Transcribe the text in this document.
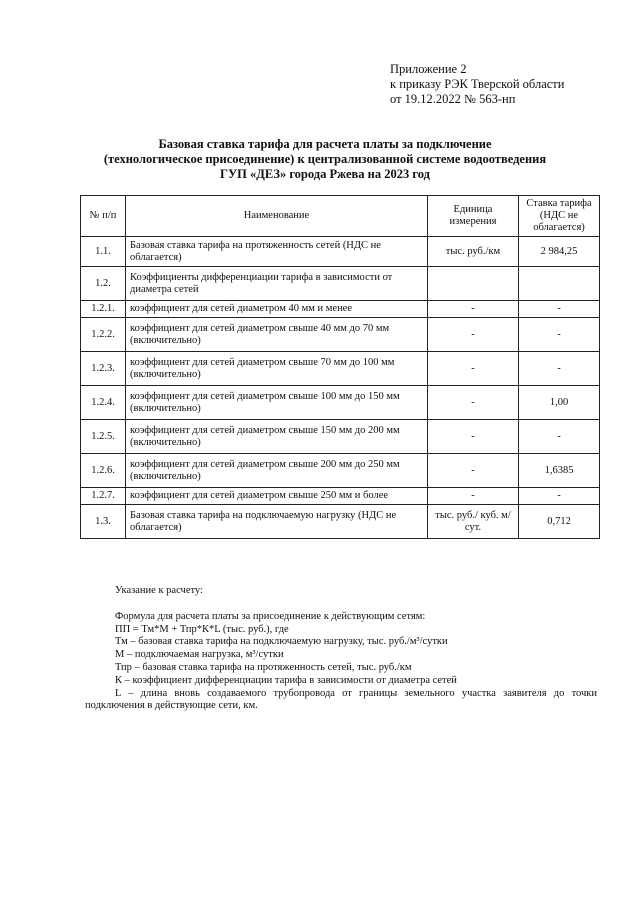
Приложение 2
к приказу РЭК Тверской области
от 19.12.2022 № 563-нп
Базовая ставка тарифа для расчета платы за подключение
(технологическое присоединение) к централизованной системе водоотведения
ГУП «ДЕЗ» города Ржева на 2023 год
№ п/п	Наименование	Единица измерения	Ставка тарифа (НДС не облагается)
1.1.	Базовая ставка тарифа на протяженность сетей (НДС не облагается)	тыс. руб./км	2 984,25
1.2.	Коэффициенты дифференциации тарифа в зависимости от диаметра сетей		
1.2.1.	коэффициент для сетей диаметром 40 мм и менее	-	-
1.2.2.	коэффициент для сетей диаметром свыше 40 мм до 70 мм (включительно)	-	-
1.2.3.	коэффициент для сетей диаметром свыше 70 мм до 100 мм (включительно)	-	-
1.2.4.	коэффициент для сетей диаметром свыше 100 мм до 150 мм (включительно)	-	1,00
1.2.5.	коэффициент для сетей диаметром свыше 150 мм до 200 мм (включительно)	-	-
1.2.6.	коэффициент для сетей диаметром свыше 200 мм до 250 мм (включительно)	-	1,6385
1.2.7.	коэффициент для сетей диаметром свыше 250 мм и более	-	-
1.3.	Базовая ставка тарифа на подключаемую нагрузку (НДС не облагается)	тыс. руб./ куб. м/сут.	0,712
Указание к расчету:
Формула для расчета платы за присоединение к действующим сетям:
ПП = Тм*М + Тпр*К*L (тыс. руб.), где
Тм – базовая ставка тарифа на подключаемую нагрузку, тыс. руб./м³/сутки
М – подключаемая нагрузка, м³/сутки
Тпр – базовая ставка тарифа на протяженность сетей, тыс. руб./км
К – коэффициент дифференциации тарифа в зависимости от диаметра сетей
L – длина вновь создаваемого трубопровода от границы земельного участка заявителя до точки подключения в действующие сети, км.
